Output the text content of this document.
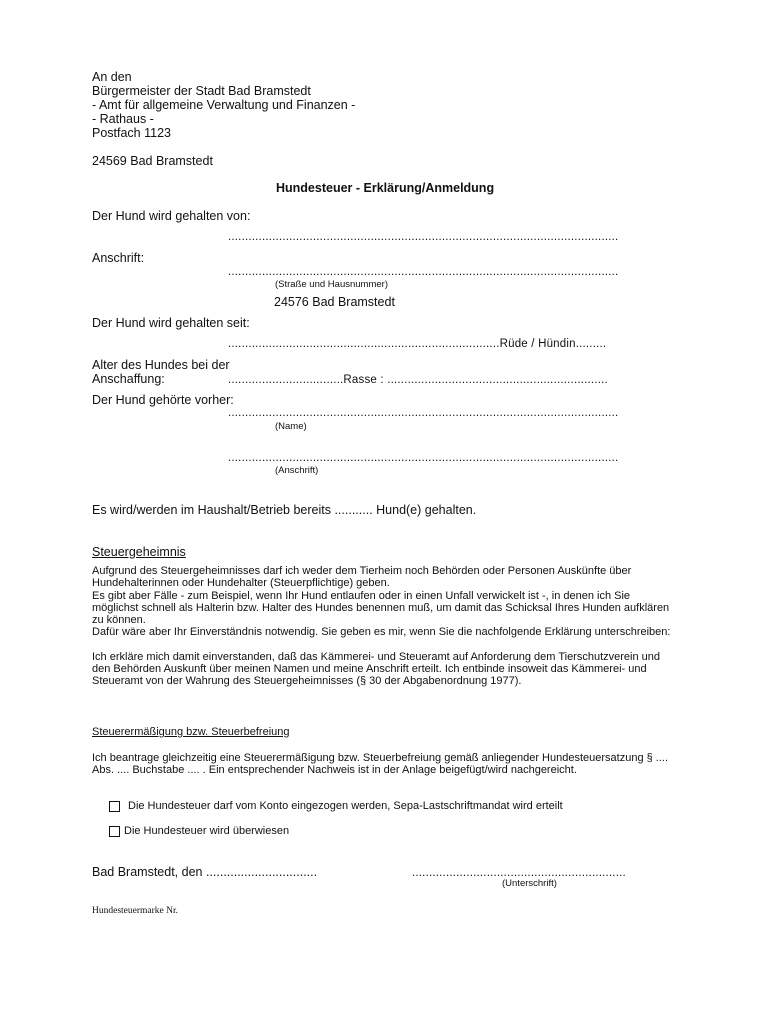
An den
Bürgermeister der Stadt Bad Bramstedt
- Amt für allgemeine Verwaltung und Finanzen -
- Rathaus -
Postfach 1123
24569 Bad Bramstedt
Hundesteuer - Erklärung/Anmeldung
Der Hund wird gehalten von:
...................................................................................................................
Anschrift:
...................................................................................................................
(Straße und Hausnummer)
24576 Bad Bramstedt
Der Hund wird gehalten seit:
................................................................................Rüde / Hündin.........
Alter des Hundes bei der
Anschaffung:	..................................Rasse : .................................................................
Der Hund gehörte vorher:
...................................................................................................................
(Name)
...................................................................................................................
(Anschrift)
Es wird/werden im Haushalt/Betrieb bereits ........... Hund(e) gehalten.
Steuergeheimnis

Aufgrund des Steuergeheimnisses darf ich weder dem Tierheim noch Behörden oder Personen Auskünfte über Hundehalterinnen oder Hundehalter (Steuerpflichtige) geben.

Es gibt aber Fälle - zum Beispiel, wenn Ihr Hund entlaufen oder in einen Unfall verwickelt ist -, in denen ich Sie möglichst schnell als Halterin bzw. Halter des Hundes benennen muß, um damit das Schicksal Ihres Hunden aufklären zu können.

Dafür wäre aber Ihr Einverständnis notwendig. Sie geben es mir, wenn Sie die nachfolgende Erklärung unterschreiben:

Ich erkläre mich damit einverstanden, daß das Kämmerei- und Steueramt auf Anforderung dem Tierschutzverein und den Behörden Auskunft über meinen Namen und meine Anschrift erteilt. Ich entbinde insoweit das Kämmerei- und Steueramt von der Wahrung des Steuergeheimnisses (§ 30 der Abgabenordnung 1977).

Steuerermäßigung bzw. Steuerbefreiung
Ich beantrage gleichzeitig eine Steuerermäßigung bzw. Steuerbefreiung gemäß anliegender Hundesteuersatzung § .... Abs. .... Buchstabe .... . Ein entsprechender Nachweis ist in der Anlage beigefügt/wird nachgereicht.
Die Hundesteuer darf vom Konto eingezogen werden, Sepa-Lastschriftmandat wird erteilt
Die Hundesteuer wird überwiesen
Bad Bramstedt, den ................................	...............................................................
(Unterschrift)
Hundesteuermarke Nr.
